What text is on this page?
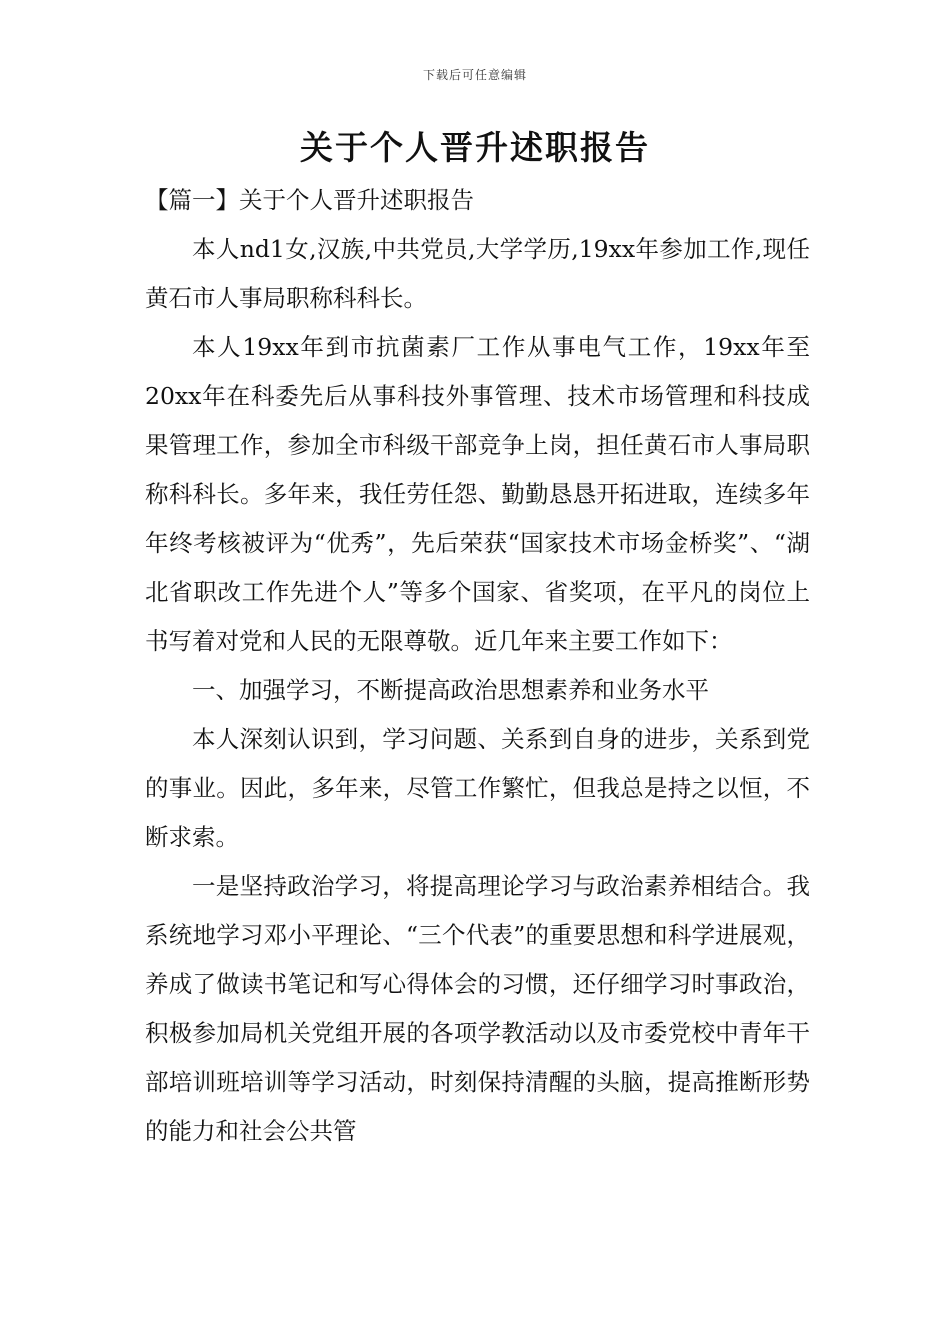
下载后可任意编辑
关于个人晋升述职报告

【篇一】关于个人晋升述职报告

本人nd1女,汉族,中共党员,大学学历,19xx年参加工作,现任黄石市人事局职称科科长。

本人19xx年到市抗菌素厂工作从事电气工作，19xx年至20xx年在科委先后从事科技外事管理、技术市场管理和科技成果管理工作，参加全市科级干部竞争上岗，担任黄石市人事局职称科科长。多年来，我任劳任怨、勤勤恳恳开拓进取，连续多年年终考核被评为“优秀”，先后荣获“国家技术市场金桥奖”、“湖北省职改工作先进个人”等多个国家、省奖项，在平凡的岗位上书写着对党和人民的无限尊敬。近几年来主要工作如下：

一、加强学习，不断提高政治思想素养和业务水平

本人深刻认识到，学习问题、关系到自身的进步，关系到党的事业。因此，多年来，尽管工作繁忙，但我总是持之以恒，不断求索。

一是坚持政治学习，将提高理论学习与政治素养相结合。我系统地学习邓小平理论、“三个代表”的重要思想和科学进展观，养成了做读书笔记和写心得体会的习惯，还仔细学习时事政治，积极参加局机关党组开展的各项学教活动以及市委党校中青年干部培训班培训等学习活动，时刻保持清醒的头脑，提高推断形势的能力和社会公共管
